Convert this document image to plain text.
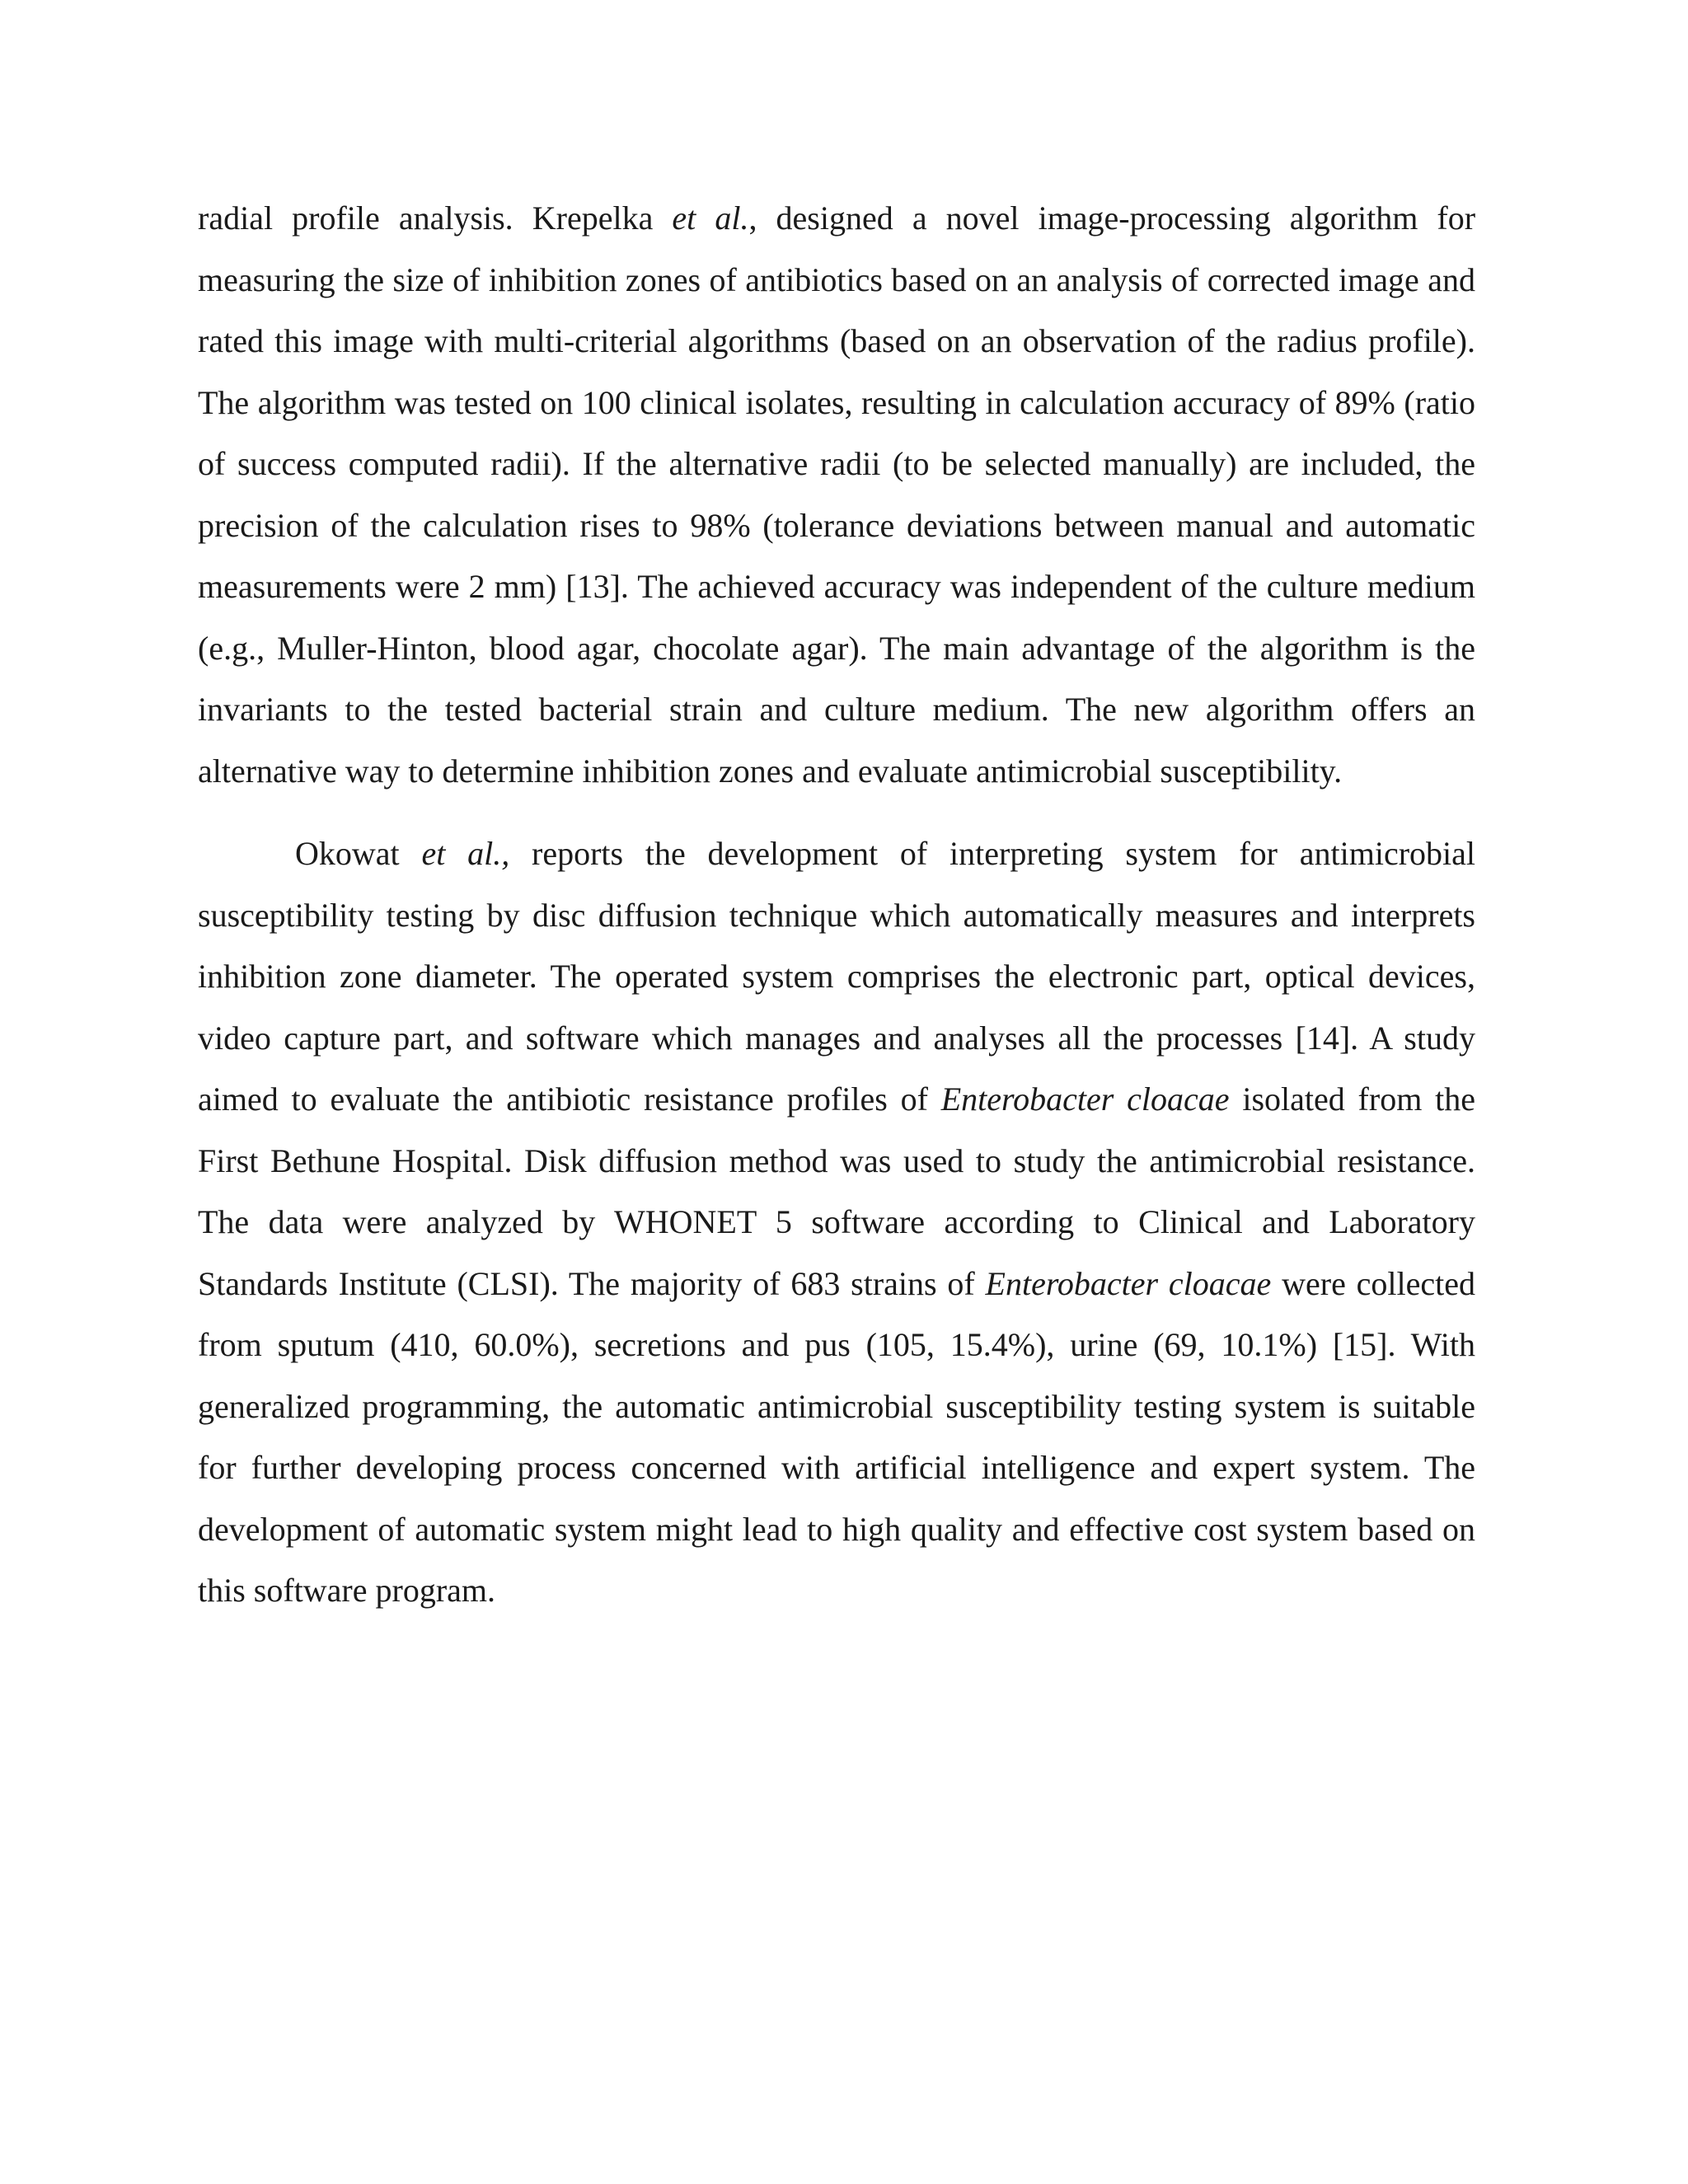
radial profile analysis. Krepelka et al., designed a novel image-processing algorithm for measuring the size of inhibition zones of antibiotics based on an analysis of corrected image and rated this image with multi-criterial algorithms (based on an observation of the radius profile). The algorithm was tested on 100 clinical isolates, resulting in calculation accuracy of 89% (ratio of success computed radii). If the alternative radii (to be selected manually) are included, the precision of the calculation rises to 98% (tolerance deviations between manual and automatic measurements were 2 mm) [13]. The achieved accuracy was independent of the culture medium (e.g., Muller-Hinton, blood agar, chocolate agar). The main advantage of the algorithm is the invariants to the tested bacterial strain and culture medium. The new algorithm offers an alternative way to determine inhibition zones and evaluate antimicrobial susceptibility.

Okowat et al., reports the development of interpreting system for antimicrobial susceptibility testing by disc diffusion technique which automatically measures and interprets inhibition zone diameter. The operated system comprises the electronic part, optical devices, video capture part, and software which manages and analyses all the processes [14]. A study aimed to evaluate the antibiotic resistance profiles of Enterobacter cloacae isolated from the First Bethune Hospital. Disk diffusion method was used to study the antimicrobial resistance. The data were analyzed by WHONET 5 software according to Clinical and Laboratory Standards Institute (CLSI). The majority of 683 strains of Enterobacter cloacae were collected from sputum (410, 60.0%), secretions and pus (105, 15.4%), urine (69, 10.1%) [15]. With generalized programming, the automatic antimicrobial susceptibility testing system is suitable for further developing process concerned with artificial intelligence and expert system. The development of automatic system might lead to high quality and effective cost system based on this software program.
